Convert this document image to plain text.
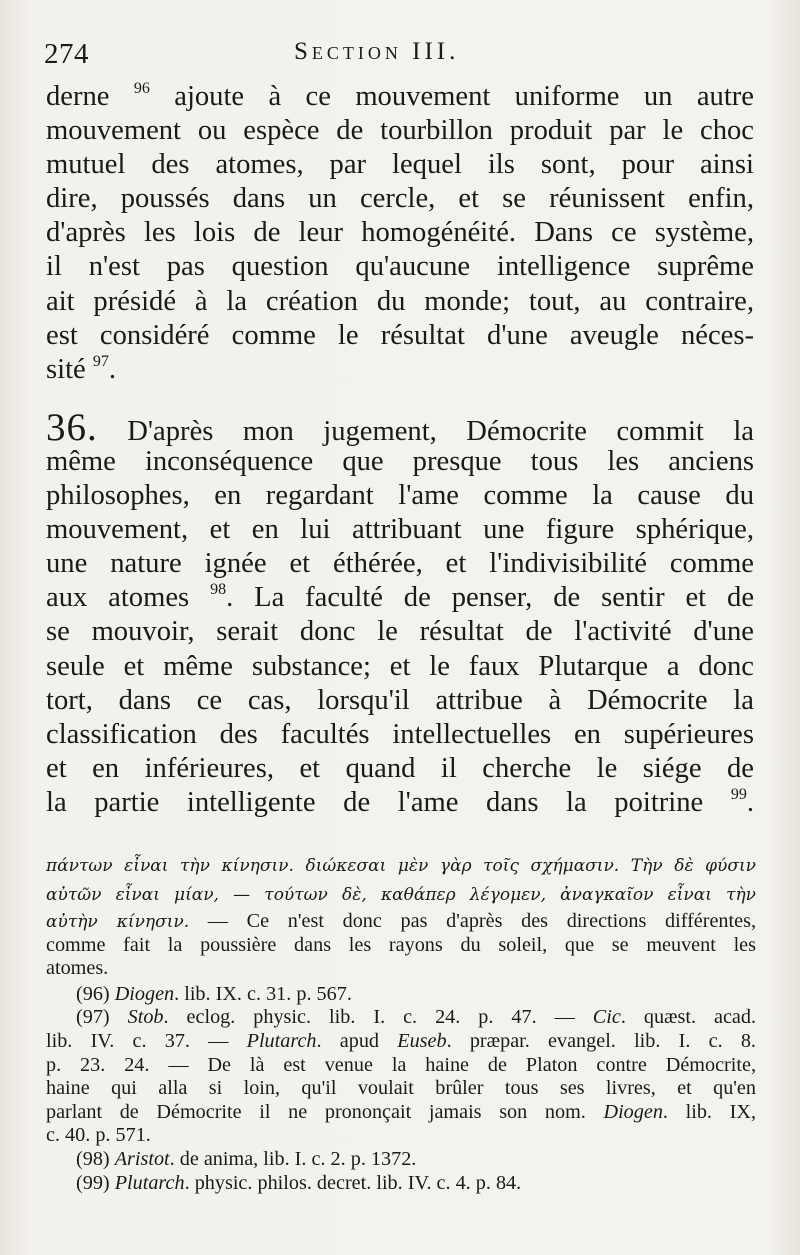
274	Section III.
derne $^{96}$ ajoute à ce mouvement uniforme un autre
mouvement ou espèce de tourbillon produit par le choc
mutuel des atomes, par lequel ils sont, pour ainsi
dire, poussés dans un cercle, et se réunissent enfin,
d'après les lois de leur homogénéité. Dans ce système,
il n'est pas question qu'aucune intelligence suprême
ait présidé à la création du monde; tout, au contraire,
est considéré comme le résultat d'une aveugle néces-
sité $^{97}$.
36. D'après mon jugement, Démocrite commit la
même inconséquence que presque tous les anciens
philosophes, en regardant l'ame comme la cause du
mouvement, et en lui attribuant une figure sphérique,
une nature ignée et éthérée, et l'indivisibilité comme
aux atomes $^{98}$. La faculté de penser, de sentir et de
se mouvoir, serait donc le résultat de l'activité d'une
seule et même substance; et le faux Plutarque a donc
tort, dans ce cas, lorsqu'il attribue à Démocrite la
classification des facultés intellectuelles en supérieures
et en inférieures, et quand il cherche le siége de
la partie intelligente de l'ame dans la poitrine $^{99}$.
πάντων εἶναι τὴν κίνησιν. διώκεσαι μὲν γὰρ τοῖς σχήμασιν. Τὴν δὲ φύσιν
αὐτῶν εἶναι μίαν, — τούτων δὲ, καθάπερ λέγομεν, ἀναγκαῖον εἶναι τὴν
αὐτὴν κίνησιν. — Ce n'est donc pas d'après des directions différentes,
comme fait la poussière dans les rayons du soleil, que se meuvent les
atomes.
(96) Diogen. lib. IX. c. 31. p. 567.
(97) Stob. eclog. physic. lib. I. c. 24. p. 47. — Cic. quæst. acad.
lib. IV. c. 37. — Plutarch. apud Euseb. præpar. evangel. lib. I. c. 8.
p. 23. 24. — De là est venue la haine de Platon contre Démocrite,
haine qui alla si loin, qu'il voulait brûler tous ses livres, et qu'en
parlant de Démocrite il ne prononçait jamais son nom. Diogen. lib. IX,
c. 40. p. 571.
(98) Aristot. de anima, lib. I. c. 2. p. 1372.
(99) Plutarch. physic. philos. decret. lib. IV. c. 4. p. 84.
